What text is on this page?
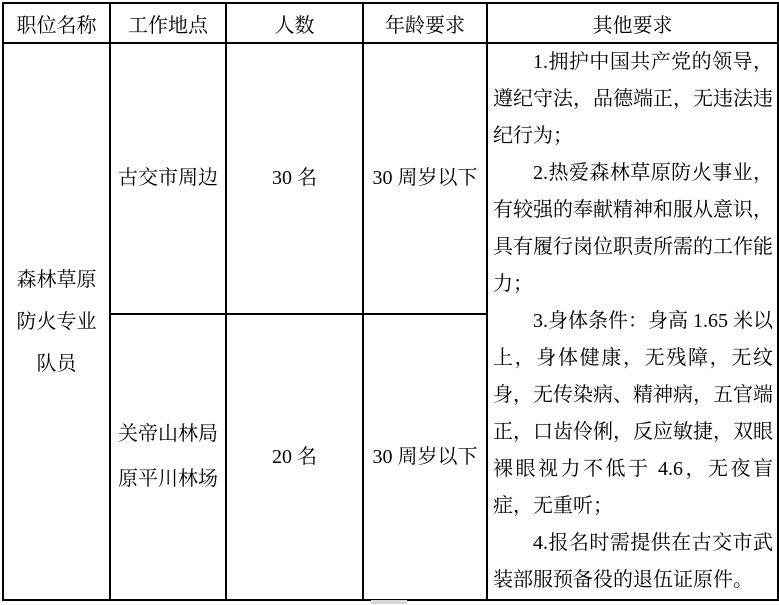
职位名称	工作地点	人数	年龄要求	其他要求
森林草原防火专业队员	古交市周边	30 名	30 周岁以下	1.拥护中国共产党的领导，遵纪守法，品德端正，无违法违纪行为；

2.热爱森林草原防火事业，有较强的奉献精神和服从意识，具有履行岗位职责所需的工作能力；

3.身体条件：身高 1.65 米以上，身体健康，无残障，无纹身，无传染病、精神病，五官端正，口齿伶俐，反应敏捷，双眼裸眼视力不低于 4.6，无夜盲症，无重听；

4.报名时需提供在古交市武装部服预备役的退伍证原件。

	关帝山林局原平川林场	20 名	30 周岁以下	
